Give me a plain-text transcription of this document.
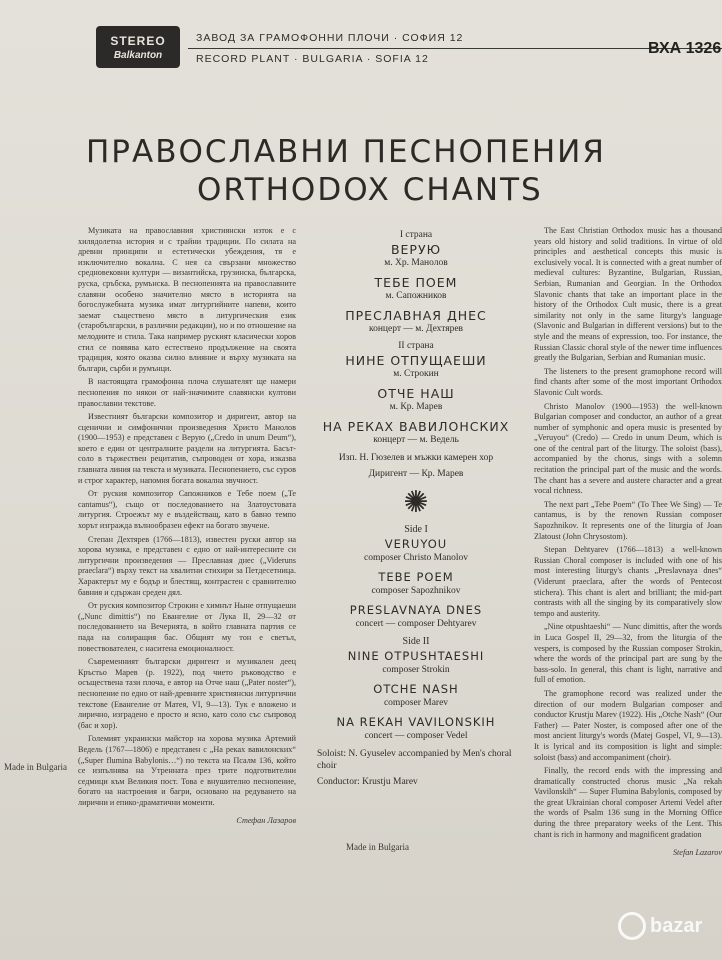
STEREO
Balkanton
ЗАВОД ЗА ГРАМОФОННИ ПЛОЧИ · СОФИЯ 12
RECORD PLANT · BULGARIA · SOFIA 12
ВХА 1326
ПРАВОСЛАВНИ ПЕСНОПЕНИЯ
ORTHODOX CHANTS

Музиката на православния християнски изток е с хилядолетна история и с трайни традиции. По силата на древни принципи и естетически убеждения, тя е изключително вокална. С нея са свързани множество средновековни култури — византийска, грузинска, българска, руска, сръбска, румънска. В песнопенията на православните славяни особено значително място в историята на богослужебната музика имат литургийните напеви, които заемат съществено място в литургическия език (старобългарски, в различни редакции), но и по отношение на мелодиите и стила. Така например руският класически хоров стил се появява като естествено продължение на своята традиция, която оказва силно влияние и върху музиката на българи, сърби и румънци.

В настоящата грамофонна плоча слушателят ще намери песнопения по някои от най-значимите славянски култови православни текстове.

Известният български композитор и диригент, автор на сценични и симфонични произведения Христо Манолов (1900—1953) е представен с Верую („Credo in unum Deum“), което е един от централните раздели на литургията. Басът-соло в тържествен рецитатив, съпроводен от хора, изказва главната линия на текста и музиката. Песнопението, със суров и строг характер, напомня богата вокална звучност.

От руския композитор Сапожников е Тебе поем („Te cantamus“), също от последованието на Златоустовата литургия. Строежът му е въздействащ, като в бавно темпо хорът изгражда вълнообразен ефект на богато звучене.

Степан Дехтярев (1766—1813), известен руски автор на хорова музика, е представен с едно от най-интересните си литургични произведения — Преславная днес („Videruns praeclara“) върху текст на хвалитни стихири за Петдесетница. Характерът му е бодър и блестящ, контрастен с сравнително бавния и сдържан среден дял.

От руския композитор Строкин е химнът Ныне отпущаеши („Nunc dimittis“) по Евангелие от Лука II, 29—32 от последованието на Вечернята, в който главната партия се пада на солиращия бас. Общият му тон е светъл, повествователен, с наситена емоционалност.

Съвременният български диригент и музикален деец Кръстьо Марев (р. 1922), под чието ръководство е осъществена тази плоча, е автор на Отче наш („Pater noster“), песнопение по едно от най-древните християнски литургични текстове (Евангелие от Матея, VI, 9—13). Тук е вложено и лирично, изградено е просто и ясно, като соло със съпровод (бас и хор).

Големият украински майстор на хорова музика Артемий Ведель (1767—1806) е представен с „На реках вавилонских“ („Super flumina Babylonis…“) по текста на Псалм 136, който се изпълнява на Утренната през трите подготвителни седмици към Великия пост. Това е внушително песнопение, богато на настроения и багри, основано на редуването на лирични и епико-драматични моменти.

Стефан Лазаров

I страна
ВЕРУЮ
м. Хр. Манолов
ТЕБЕ ПОЕМ
м. Сапожников
ПРЕСЛАВНАЯ ДНЕС
концерт — м. Дехтярев
II страна
НИНЕ ОТПУЩАЕШИ
м. Строкин
ОТЧЕ НАШ
м. Кр. Марев
НА РЕКАХ ВАВИЛОНСКИХ
концерт — м. Ведель
Изп. Н. Гюзелев и мъжки камерен хор
Диригент — Кр. Марев
✺
Side I
VERUYOU
composer Christo Manolov
TEBE POEM
composer Sapozhnikov
PRESLAVNAYA DNES
concert — composer Dehtyarev
Side II
NINE OTPUSHTAESHI
composer Strokin
OTCHE NASH
composer Marev
NA REKAH VAVILONSKIH
concert — composer Vedel
Soloist: N. Gyuselev accompanied by Men's choral choir
Conductor: Krustju Marev

The East Christian Orthodox music has a thousand years old history and solid traditions. In virtue of old principles and aesthetical concepts this music is exclusively vocal. It is connected with a great number of medieval cultures: Byzantine, Bulgarian, Russian, Serbian, Rumanian and Georgian. In the Orthodox Slavonic chants that take an important place in the history of the Orthodox Cult music, there is a great similarity not only in the same liturgy's language (Slavonic and Bulgarian in different versions) but to the style and the means of expression, too. For instance, the Russian Classic choral style of the newer time influences greatly the Bulgarian, Serbian and Rumanian music.

The listeners to the present gramophone record will find chants after some of the most important Orthodox Slavonic Cult words.

Christo Manolov (1900—1953) the well-known Bulgarian composer and conductor, an author of a great number of symphonic and opera music is presented by „Veruyou“ (Credo) — Credo in unum Deum, which is one of the central part of the liturgy. The soloist (bass), accompanied by the chorus, sings with a solemn recitation the principal part of the music and the words. The chant has a severe and austere character and a great vocal richness.

The next part „Tebe Poem“ (To Thee We Sing) — Te cantamus, is by the renown Russian composer Sapozhnikov. It represents one of the liturgia of Joan Zlatoust (John Chrysostom).

Stepan Dehtyarev (1766—1813) a well-known Russian Choral composer is included with one of his most interesting liturgy's chants „Preslavnaya dnes“ (Viderunt praeclara, after the words of Pentecost stichera). This chant is alert and brilliant; the mid-part contrasts with all the singing by its comparatively slow tempo and austerity.

„Nine otpushtaeshi“ — Nunc dimittis, after the words in Luca Gospel II, 29—32, from the liturgia of the vespers, is composed by the Russian composer Strokin, where the words of the principal part are sung by the bass-solo. In general, this chant is light, narrative and full of emotion.

The gramophone record was realized under the direction of our modern Bulgarian composer and conductor Krustju Marev (1922). His „Otche Nash“ (Our Father) — Pater Noster, is composed after one of the most ancient liturgy's words (Matej Gospel, VI, 9—13). It is lyrical and its composition is light and simple: soloist (bass) and accompaniment (choir).

Finally, the record ends with the impressing and dramatically constructed chorus music „Na rekah Vavilonskih“ — Super Flumina Babylonis, composed by the great Ukrainian choral composer Artemi Vedel after the words of Psalm 136 sung in the Morning Office during the three preparatory weeks of the Lent. This chant is rich in harmony and magnificent gradation

Stefan Lazarov

Made in Bulgaria
Made in Bulgaria
bazar
